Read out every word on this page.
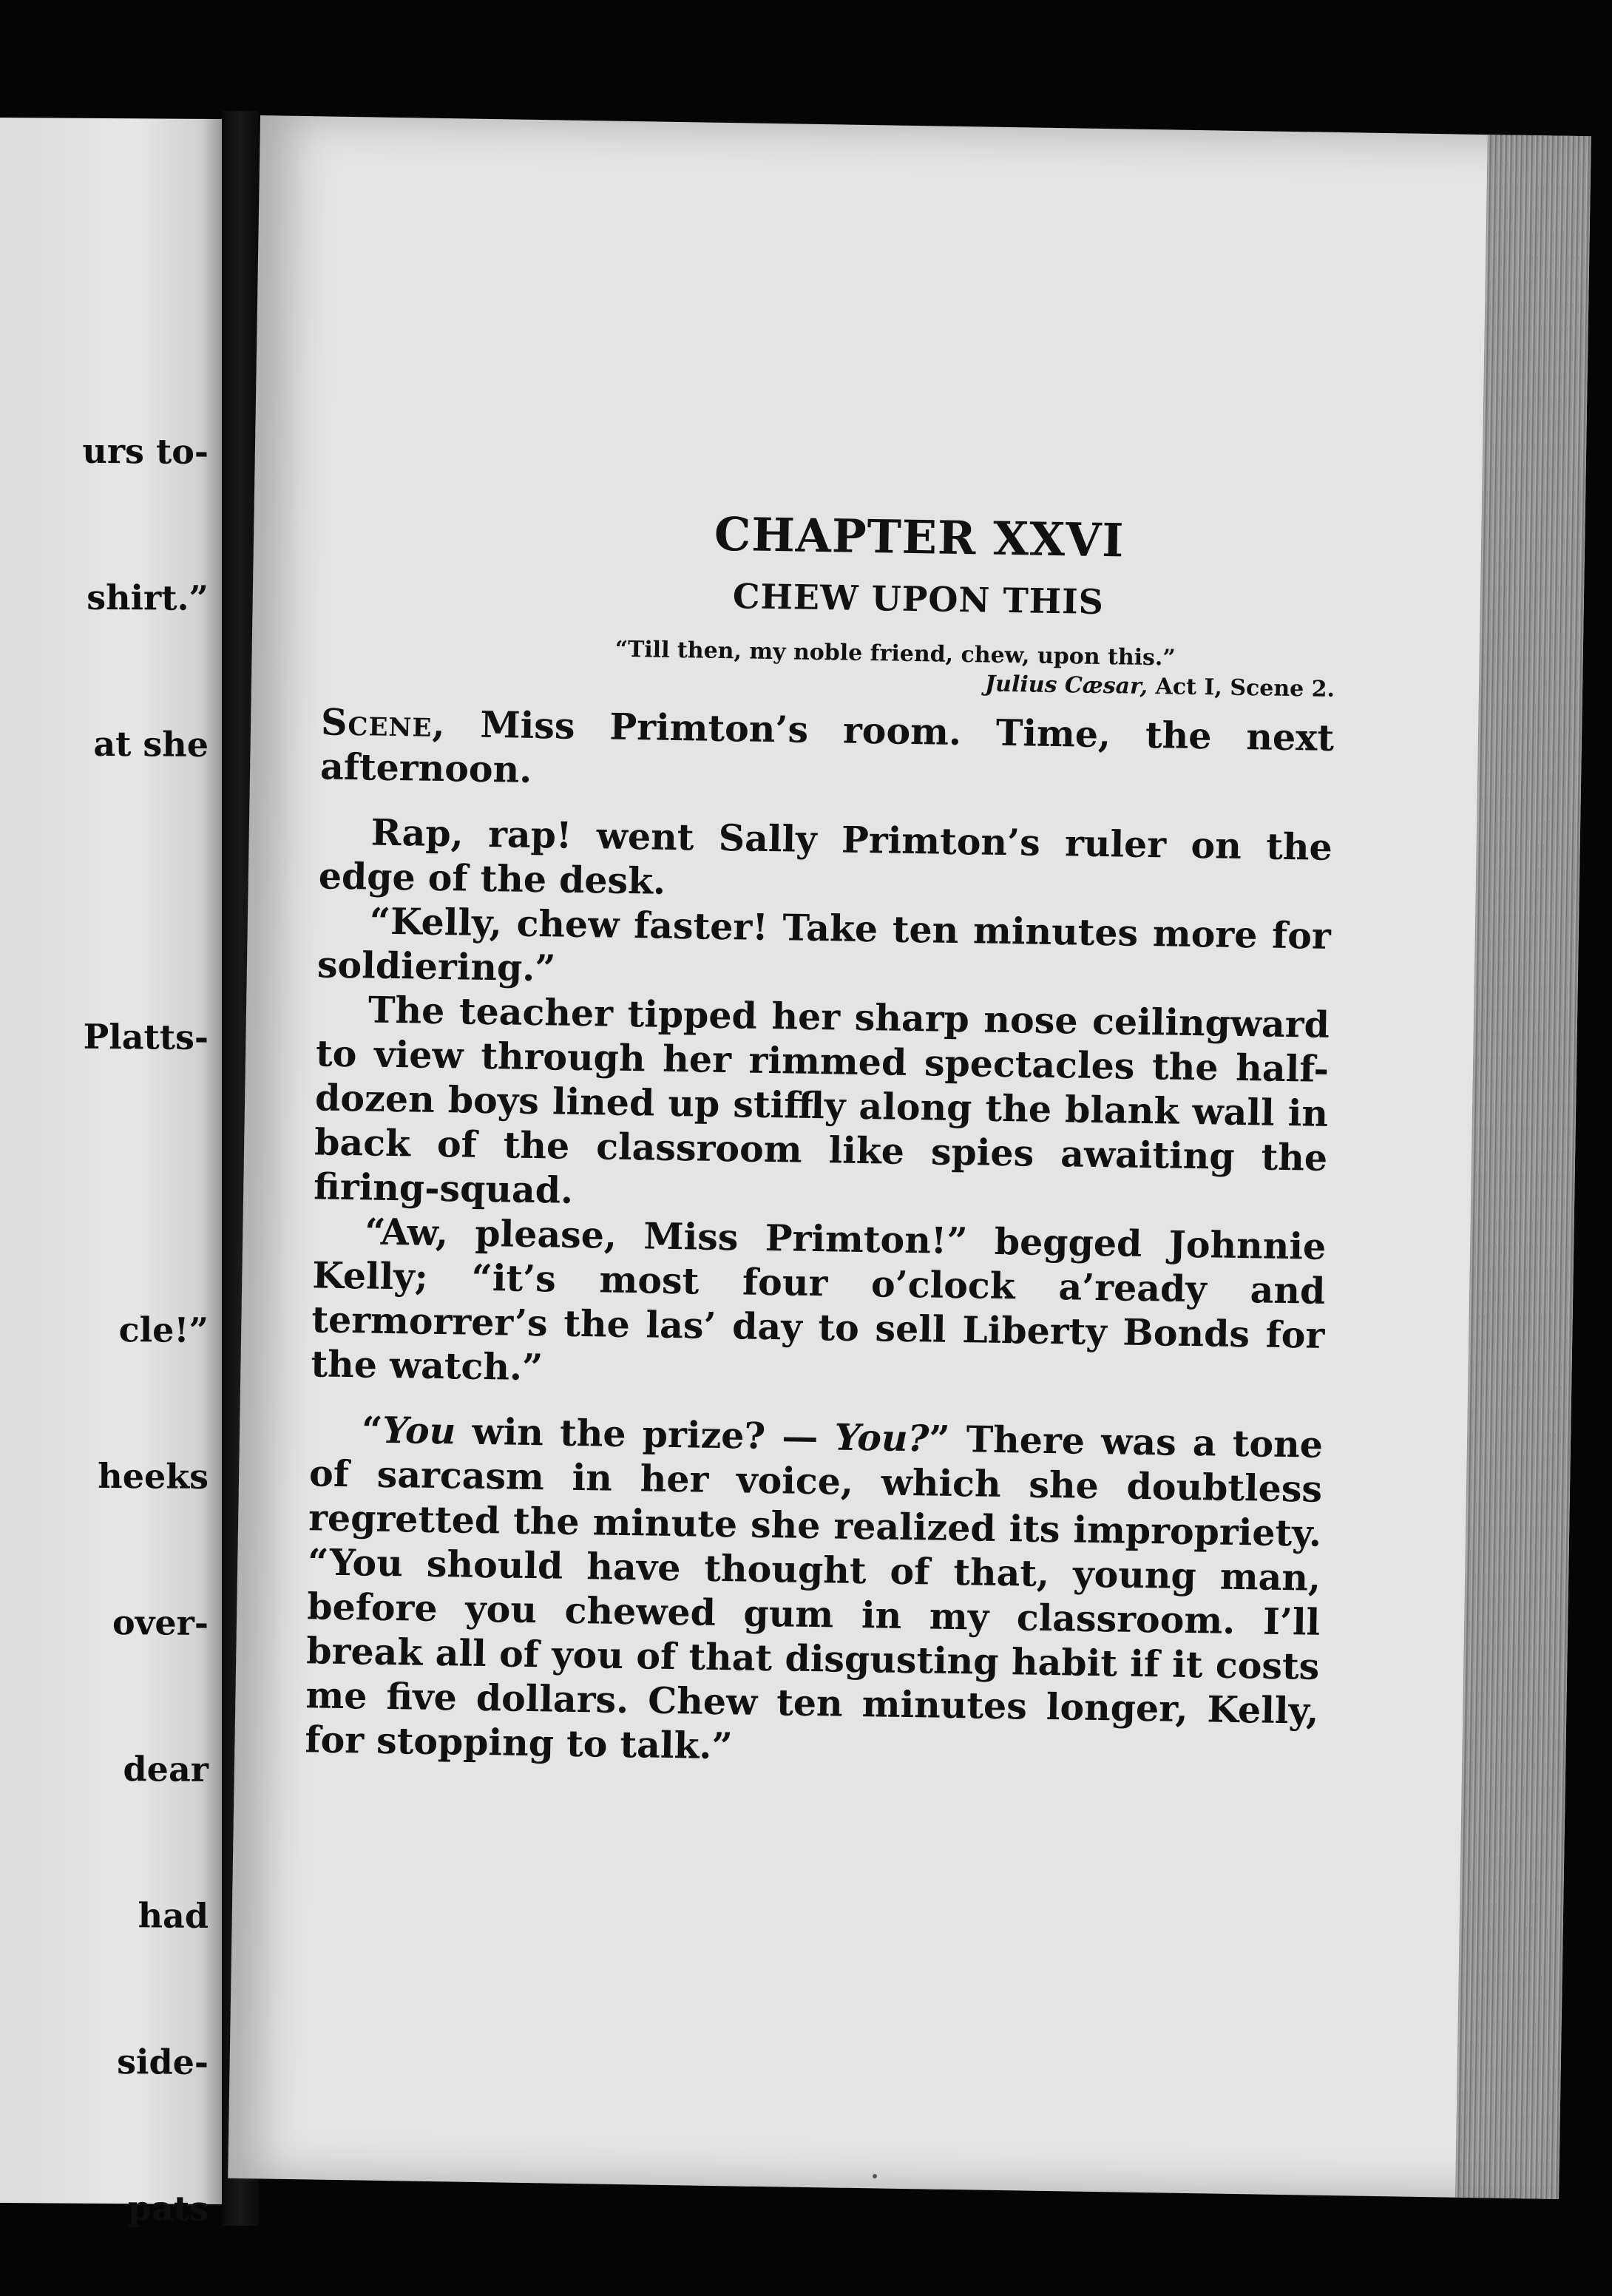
urs to-

shirt.”

at she

Platts-

cle!”

heeks

over-

dear

had

side-

pats

CHAPTER XXVI
CHEW UPON THIS

“Till then, my noble friend, chew, upon this.”

Julius Cæsar, Act I, Scene 2.

Scene, Miss Primton’s room. Time, the next afternoon.

Rap, rap! went Sally Primton’s ruler on the edge of the desk.

“Kelly, chew faster! Take ten minutes more for soldiering.”

The teacher tipped her sharp nose ceilingward to view through her rimmed spectacles the half-dozen boys lined up stiffly along the blank wall in back of the classroom like spies awaiting the firing-squad.

“Aw, please, Miss Primton!” begged Johnnie Kelly; “it’s most four o’clock a’ready and termorrer’s the las’ day to sell Liberty Bonds for the watch.”

“You win the prize? — You?” There was a tone of sarcasm in her voice, which she doubtless regretted the minute she realized its impropriety. “You should have thought of that, young man, before you chewed gum in my classroom. I’ll break all of you of that disgusting habit if it costs me five dollars. Chew ten minutes longer, Kelly, for stopping to talk.”
